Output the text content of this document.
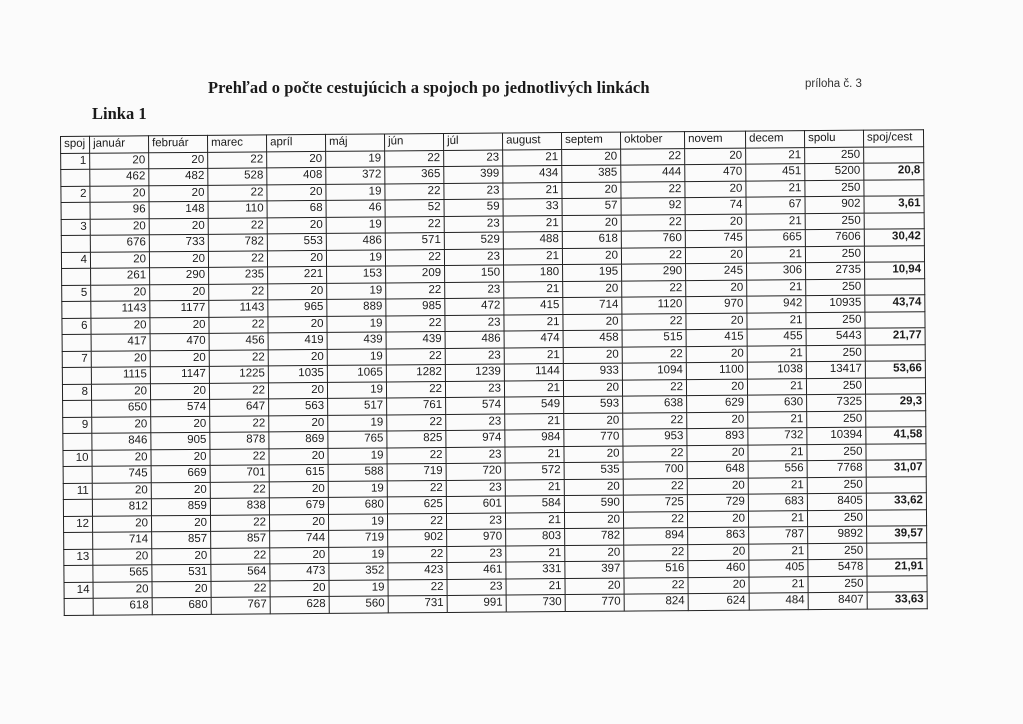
Prehľad o počte cestujúcich a spojoch po jednotlivých linkách	príloha č. 3
Linka 1
spoj	január	február	marec	apríl	máj	jún	júl	august	septem	oktober	novem	decem	spolu	spoj/cest
1	20	20	22	20	19	22	23	21	20	22	20	21	250	
	462	482	528	408	372	365	399	434	385	444	470	451	5200	20,8
2	20	20	22	20	19	22	23	21	20	22	20	21	250	
	96	148	110	68	46	52	59	33	57	92	74	67	902	3,61
3	20	20	22	20	19	22	23	21	20	22	20	21	250	
	676	733	782	553	486	571	529	488	618	760	745	665	7606	30,42
4	20	20	22	20	19	22	23	21	20	22	20	21	250	
	261	290	235	221	153	209	150	180	195	290	245	306	2735	10,94
5	20	20	22	20	19	22	23	21	20	22	20	21	250	
	1143	1177	1143	965	889	985	472	415	714	1120	970	942	10935	43,74
6	20	20	22	20	19	22	23	21	20	22	20	21	250	
	417	470	456	419	439	439	486	474	458	515	415	455	5443	21,77
7	20	20	22	20	19	22	23	21	20	22	20	21	250	
	1115	1147	1225	1035	1065	1282	1239	1144	933	1094	1100	1038	13417	53,66
8	20	20	22	20	19	22	23	21	20	22	20	21	250	
	650	574	647	563	517	761	574	549	593	638	629	630	7325	29,3
9	20	20	22	20	19	22	23	21	20	22	20	21	250	
	846	905	878	869	765	825	974	984	770	953	893	732	10394	41,58
10	20	20	22	20	19	22	23	21	20	22	20	21	250	
	745	669	701	615	588	719	720	572	535	700	648	556	7768	31,07
11	20	20	22	20	19	22	23	21	20	22	20	21	250	
	812	859	838	679	680	625	601	584	590	725	729	683	8405	33,62
12	20	20	22	20	19	22	23	21	20	22	20	21	250	
	714	857	857	744	719	902	970	803	782	894	863	787	9892	39,57
13	20	20	22	20	19	22	23	21	20	22	20	21	250	
	565	531	564	473	352	423	461	331	397	516	460	405	5478	21,91
14	20	20	22	20	19	22	23	21	20	22	20	21	250	
	618	680	767	628	560	731	991	730	770	824	624	484	8407	33,63
